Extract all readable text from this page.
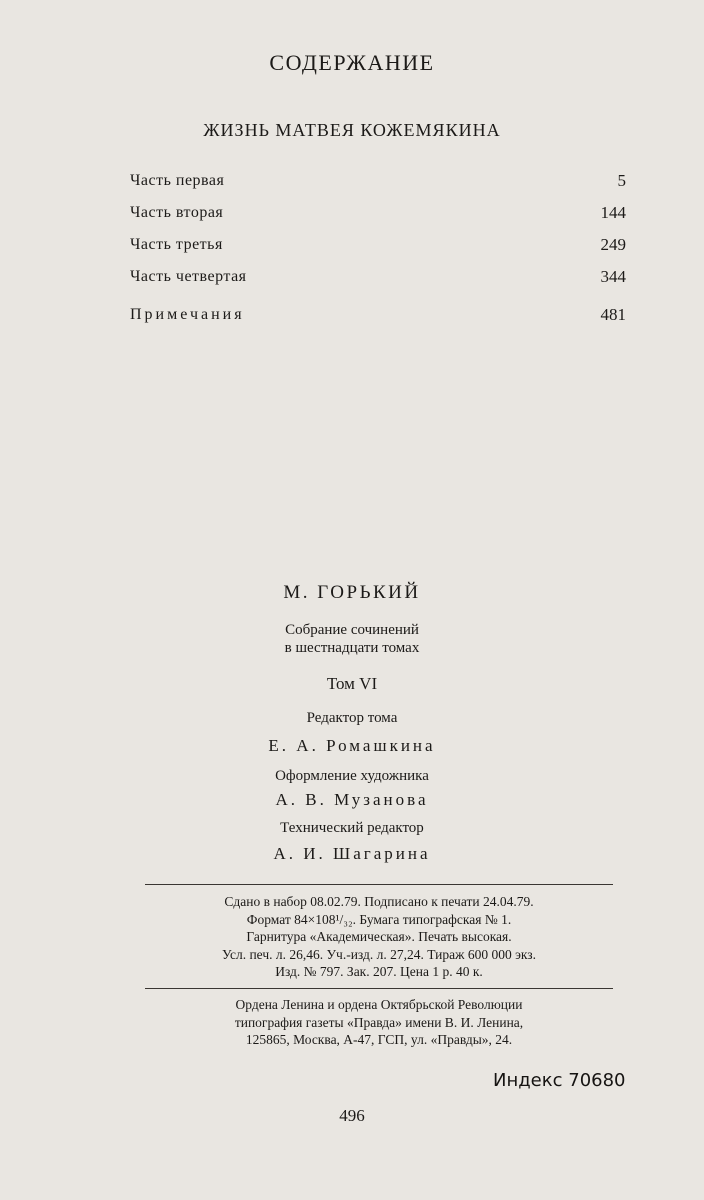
СОДЕРЖАНИЕ
ЖИЗНЬ МАТВЕЯ КОЖЕМЯКИНА
Часть первая	5
Часть вторая	144
Часть третья	249
Часть четвертая	344
Примечания	481
М. ГОРЬКИЙ
Собрание сочинений
в шестнадцати томах
Том VI
Редактор тома
Е. А. Ромашкина
Оформление художника
А. В. Музанова
Технический редактор
А. И. Шагарина
Сдано в набор 08.02.79. Подписано к печати 24.04.79.
Формат 84×108¹/₃₂. Бумага типографская № 1.
Гарнитура «Академическая». Печать высокая.
Усл. печ. л. 26,46. Уч.-изд. л. 27,24. Тираж 600 000 экз.
Изд. № 797. Зак. 207. Цена 1 р. 40 к.
Ордена Ленина и ордена Октябрьской Революции
типография газеты «Правда» имени В. И. Ленина,
125865, Москва, А-47, ГСП, ул. «Правды», 24.
Индекс 70680
496
